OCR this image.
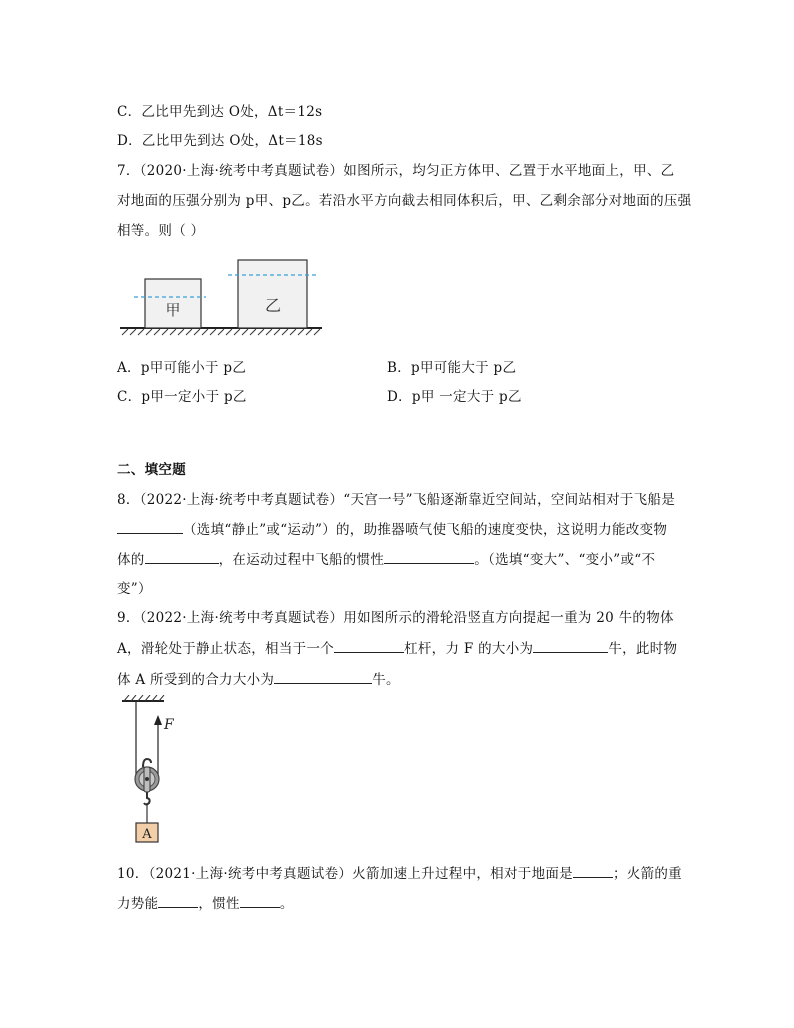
C．乙比甲先到达 O处，Δt＝12s
D．乙比甲先到达 O处，Δt＝18s
7．（2020·上海·统考中考真题试卷）如图所示，均匀正方体甲、乙置于水平地面上，甲、乙
对地面的压强分别为 p甲、p乙。若沿水平方向截去相同体积后，甲、乙剩余部分对地面的压强
相等。则（ ）
甲	乙
A．p甲可能小于 p乙	B．p甲可能大于 p乙
C．p甲一定小于 p乙	D．p甲 一定大于 p乙
二、填空题
8．（2022·上海·统考中考真题试卷）“天宫一号”飞船逐渐靠近空间站，空间站相对于飞船是
（选填“静止”或“运动”）的，助推器喷气使飞船的速度变快，这说明力能改变物
体的	，在运动过程中飞船的惯性	。（选填“变大”、“变小”或“不
变”）
9．（2022·上海·统考中考真题试卷）用如图所示的滑轮沿竖直方向提起一重为 20 牛的物体
A，滑轮处于静止状态，相当于一个	杠杆，力 F 的大小为	牛，此时物
体 A 所受到的合力大小为	牛。
F
A
10．（2021·上海·统考中考真题试卷）火箭加速上升过程中，相对于地面是	；火箭的重
力势能	，惯性	。
